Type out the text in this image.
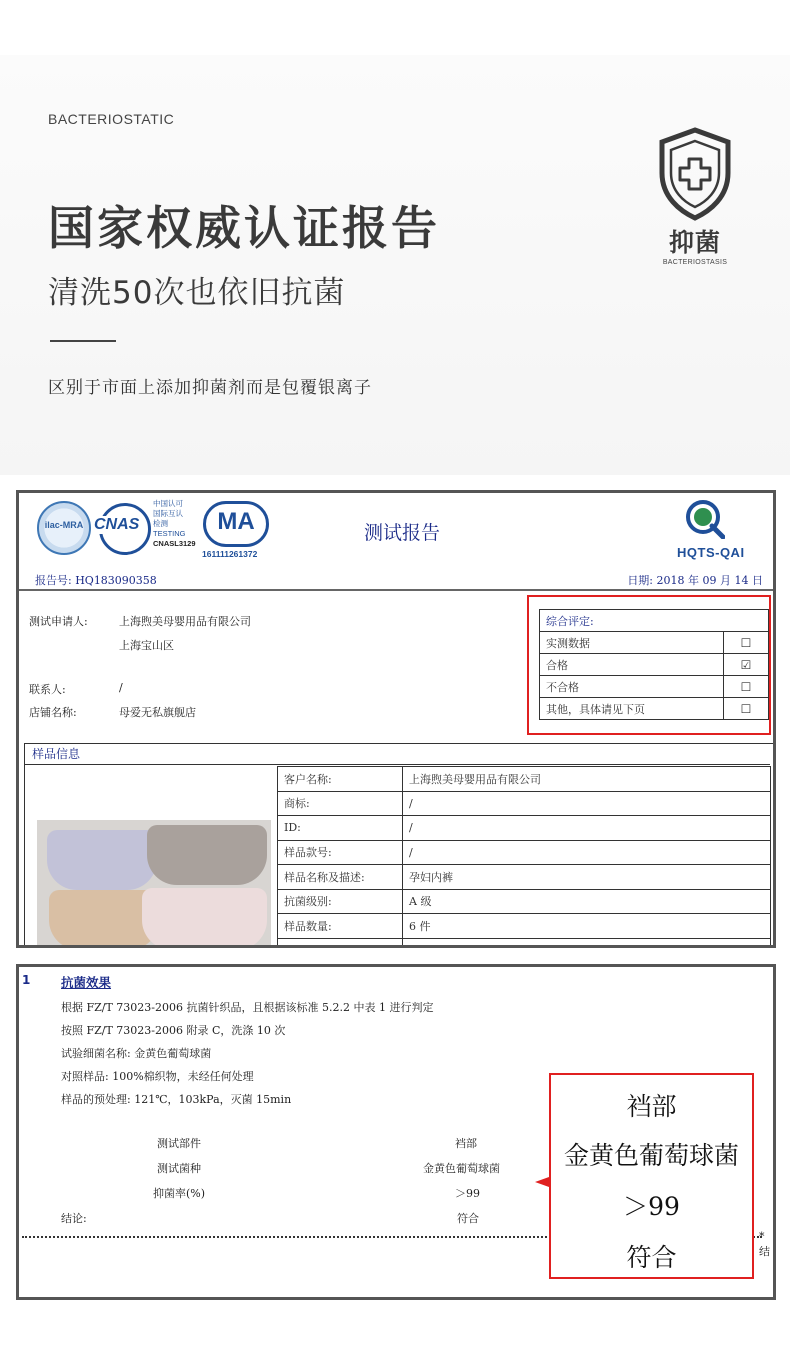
BACTERIOSTATIC
国家权威认证报告
清洗50次也依旧抗菌
区别于市面上添加抑菌剂而是包覆银离子
抑菌
BACTERIOSTASIS
ilac-MRA CNAS
中国认可
国际互认
检测
TESTING
CNASL3129
MA
161111261372
测试报告
HQTS-QAI
报告号: HQ183090358	日期: 2018 年 09 月 14 日
测试申请人:	上海煦美母婴用品有限公司
上海宝山区
联系人:	/
店铺名称:	母爱无私旗舰店
综合评定:	
实测数据	☐
合格	☑
不合格	☐
其他，具体请见下页	☐
样品信息
客户名称:	上海煦美母婴用品有限公司
商标:	/
ID:	/
样品款号:	/
样品名称及描述:	孕妇内裤
抗菌级别:	A 级
样品数量:	6 件

1 抗菌效果
根据 FZ/T 73023-2006 抗菌针织品，且根据该标准 5.2.2 中表 1 进行判定
按照 FZ/T 73023-2006 附录 C，洗涤 10 次
试验细菌名称: 金黄色葡萄球菌
对照样品: 100%棉织物，未经任何处理
样品的预处理: 121℃，103kPa，灭菌 15min
测试部件	裆部
测试菌种	金黄色葡萄球菌
抑菌率(%)	＞99
结论:	符合
*结
裆部
金黄色葡萄球菌
＞99
符合
